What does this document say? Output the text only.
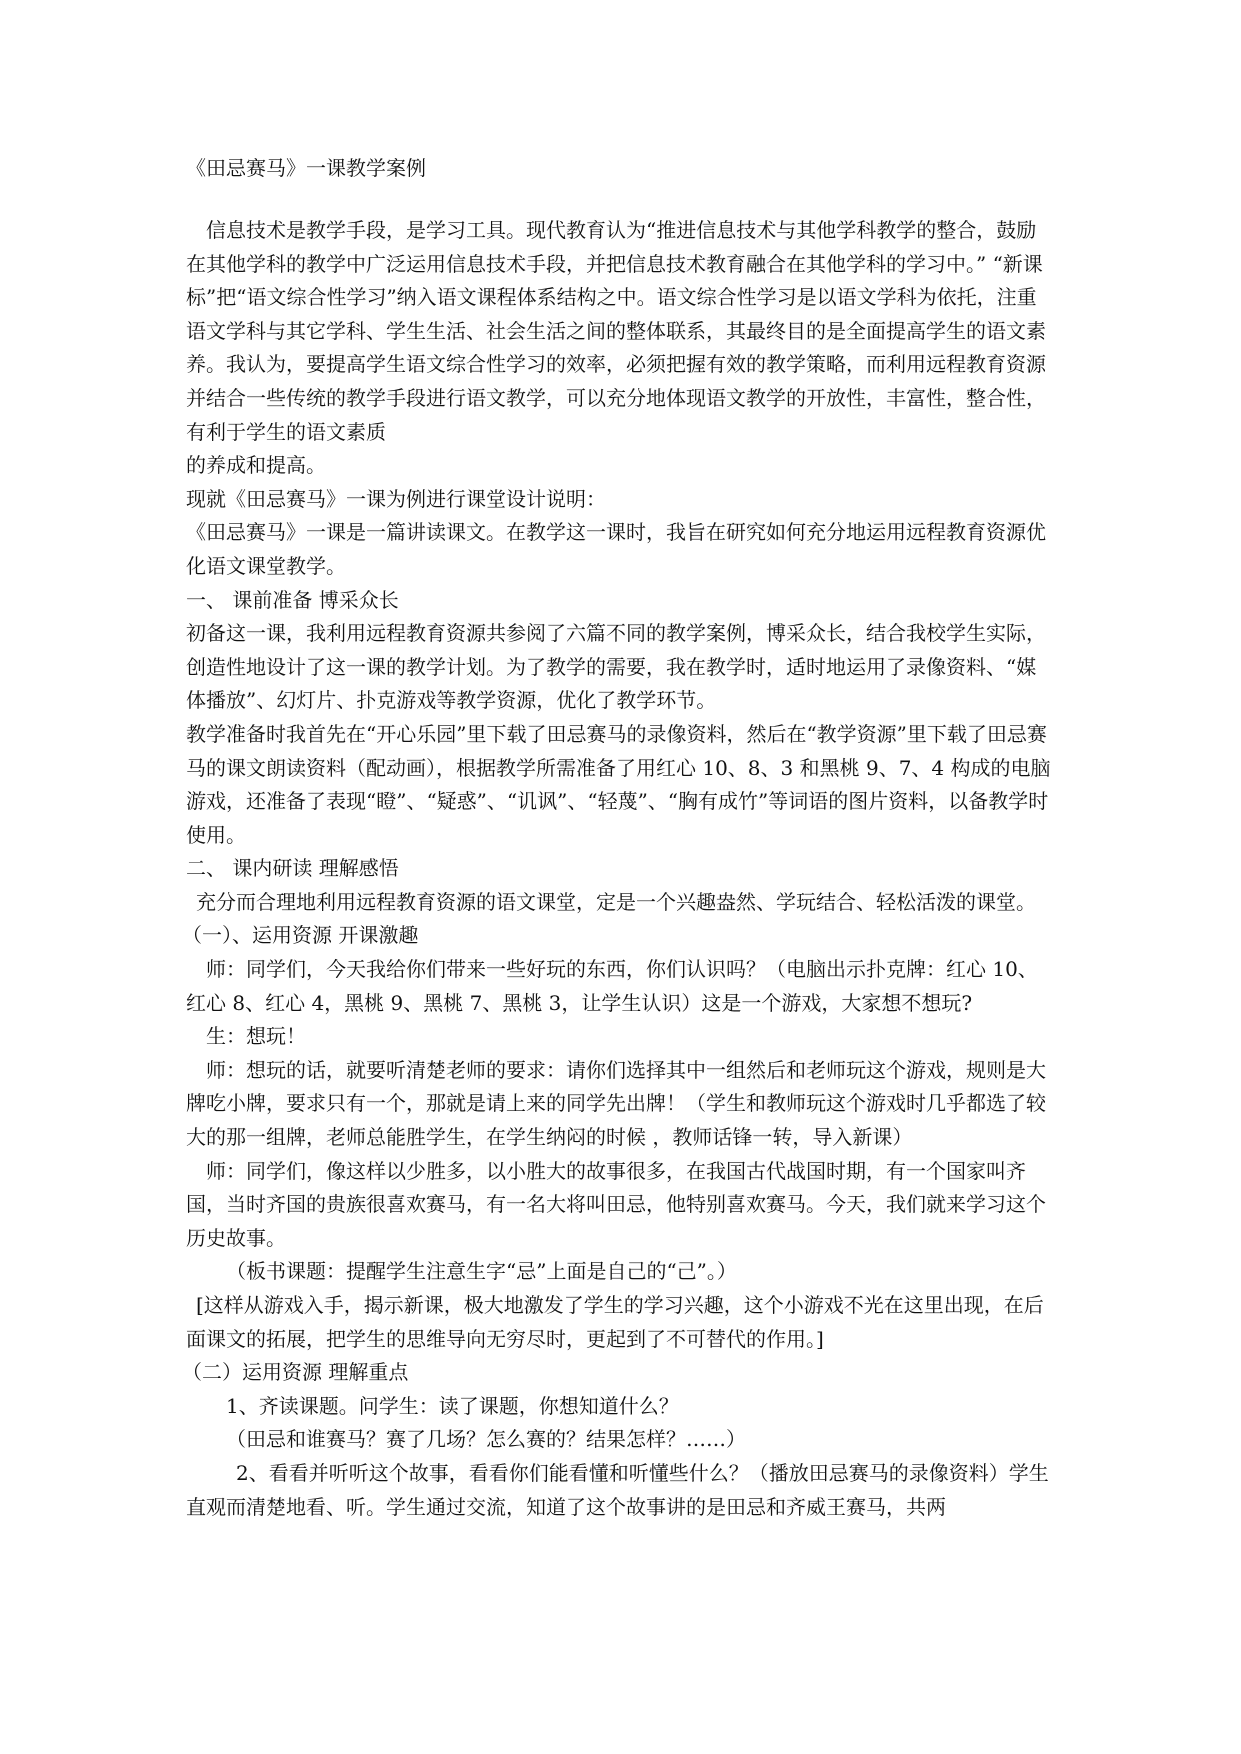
《田忌赛马》一课教学案例

信息技术是教学手段，是学习工具。现代教育认为“推进信息技术与其他学科教学的整合，鼓励在其他学科的教学中广泛运用信息技术手段，并把信息技术教育融合在其他学科的学习中。” “新课标”把“语文综合性学习”纳入语文课程体系结构之中。语文综合性学习是以语文学科为依托，注重语文学科与其它学科、学生生活、社会生活之间的整体联系，其最终目的是全面提高学生的语文素养。我认为，要提高学生语文综合性学习的效率，必须把握有效的教学策略，而利用远程教育资源并结合一些传统的教学手段进行语文教学，可以充分地体现语文教学的开放性，丰富性，整合性，有利于学生的语文素质

的养成和提高。

现就《田忌赛马》一课为例进行课堂设计说明：

《田忌赛马》一课是一篇讲读课文。在教学这一课时，我旨在研究如何充分地运用远程教育资源优化语文课堂教学。

一、 课前准备 博采众长

初备这一课，我利用远程教育资源共参阅了六篇不同的教学案例，博采众长，结合我校学生实际，创造性地设计了这一课的教学计划。为了教学的需要，我在教学时，适时地运用了录像资料、“媒体播放”、幻灯片、扑克游戏等教学资源，优化了教学环节。

教学准备时我首先在“开心乐园”里下载了田忌赛马的录像资料，然后在“教学资源”里下载了田忌赛马的课文朗读资料（配动画），根据教学所需准备了用红心 10、8、3 和黑桃 9、7、4 构成的电脑游戏，还准备了表现“瞪”、“疑惑”、“讥讽”、“轻蔑”、“胸有成竹”等词语的图片资料，以备教学时使用。

二、 课内研读 理解感悟

充分而合理地利用远程教育资源的语文课堂，定是一个兴趣盎然、学玩结合、轻松活泼的课堂。

（一）、运用资源 开课激趣

师：同学们，今天我给你们带来一些好玩的东西，你们认识吗？（电脑出示扑克牌：红心 10、红心 8、红心 4，黑桃 9、黑桃 7、黑桃 3，让学生认识）这是一个游戏，大家想不想玩?

生：想玩！

师：想玩的话，就要听清楚老师的要求：请你们选择其中一组然后和老师玩这个游戏，规则是大牌吃小牌，要求只有一个，那就是请上来的同学先出牌！（学生和教师玩这个游戏时几乎都选了较大的那一组牌，老师总能胜学生，在学生纳闷的时候 ，教师话锋一转，导入新课）

师：同学们，像这样以少胜多，以小胜大的故事很多，在我国古代战国时期，有一个国家叫齐国，当时齐国的贵族很喜欢赛马，有一名大将叫田忌，他特别喜欢赛马。今天，我们就来学习这个历史故事。

（板书课题：提醒学生注意生字“忌”上面是自己的“己”。）

[这样从游戏入手，揭示新课，极大地激发了学生的学习兴趣，这个小游戏不光在这里出现，在后面课文的拓展，把学生的思维导向无穷尽时，更起到了不可替代的作用。]

（二）运用资源 理解重点

1、齐读课题。问学生：读了课题，你想知道什么？

（田忌和谁赛马？赛了几场？怎么赛的？结果怎样？……）

2、看看并听听这个故事，看看你们能看懂和听懂些什么？（播放田忌赛马的录像资料）学生直观而清楚地看、听。学生通过交流，知道了这个故事讲的是田忌和齐威王赛马，共两
